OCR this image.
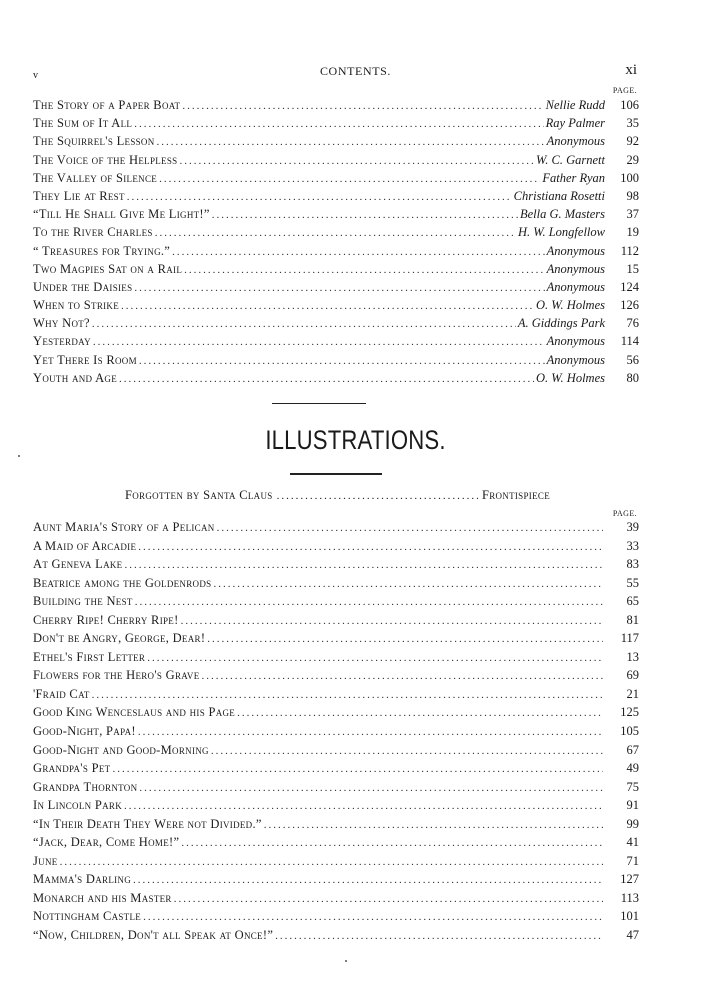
v	CONTENTS.	xi
PAGE.
The Story of a Paper Boat .....	Nellie Rudd	106
The Sum of It All .....	Ray Palmer	35
The Squirrel's Lesson .....	Anonymous	92
The Voice of the Helpless .....	W. C. Garnett	29
The Valley of Silence .....	Father Ryan	100
They Lie at Rest .....	Christiana Rosetti	98
“Till He Shall Give Me Light!” .....	Bella G. Masters	37
To the River Charles .....	H. W. Longfellow	19
“ Treasures for Trying.” .....	Anonymous	112
Two Magpies Sat on a Rail .....	Anonymous	15
Under the Daisies .....	Anonymous	124
When to Strike .....	O. W. Holmes	126
Why Not? .....	A. Giddings Park	76
Yesterday .....	Anonymous	114
Yet There Is Room .....	Anonymous	56
Youth and Age .....	O. W. Holmes	80
ILLUSTRATIONS.
Forgotten by Santa Claus .....	Frontispiece
PAGE.
Aunt Maria's Story of a Pelican .....	39
A Maid of Arcadie .....	33
At Geneva Lake .....	83
Beatrice among the Goldenrods .....	55
Building the Nest .....	65
Cherry Ripe! Cherry Ripe! .....	81
Don't be Angry, George, Dear! .....	117
Ethel's First Letter .....	13
Flowers for the Hero's Grave .....	69
'Fraid Cat .....	21
Good King Wenceslaus and his Page .....	125
Good-Night, Papa! .....	105
Good-Night and Good-Morning .....	67
Grandpa's Pet .....	49
Grandpa Thornton .....	75
In Lincoln Park .....	91
“In Their Death They Were not Divided.” .....	99
“Jack, Dear, Come Home!” .....	41
June .....	71
Mamma's Darling .....	127
Monarch and his Master .....	113
Nottingham Castle .....	101
“Now, Children, Don't all Speak at Once!” .....	47
